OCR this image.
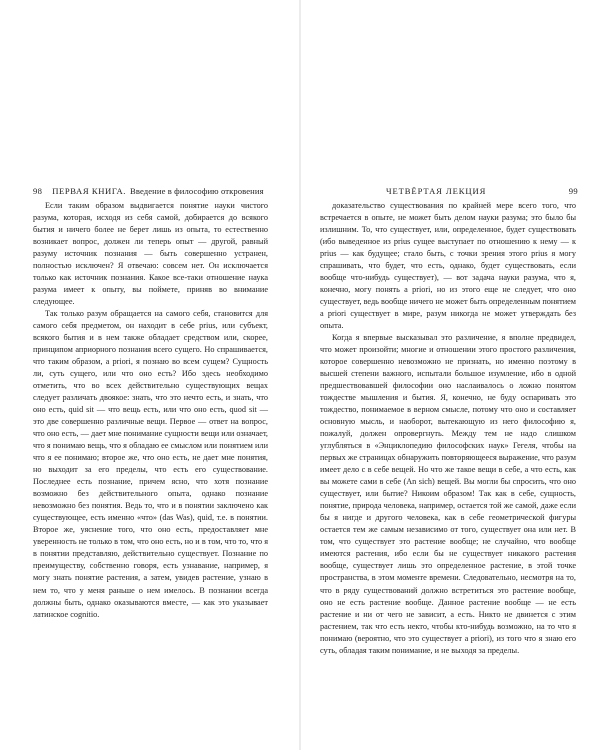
98 ПЕРВАЯ КНИГА. Введение в философию откровения

Если таким образом выдвигается понятие науки чистого разума, которая, исходя из себя самой, добирается до всякого бытия и ничего более не берет лишь из опыта, то естественно возникает вопрос, должен ли теперь опыт — другой, равный разуму источник познания — быть совершенно устранен, полностью исключен? Я отвечаю: совсем нет. Он исключается только как источник познания. Какое все-таки отношение наука разума имеет к опыту, вы поймете, приняв во внимание следующее.

Так только разум обращается на самого себя, становится для самого себя предметом, он находит в себе prius, или субъект, всякого бытия и в нем также обладает средством или, скорее, принципом априорного познания всего сущего. Но спрашивается, что таким образом, а priori, я познаю во всем сущем? Сущность ли, суть сущего, или что оно есть? Ибо здесь необходимо отметить, что во всех действительно существующих вещах следует различать двоякое: знать, что это нечто есть, и знать, что оно есть, quid sit — что вещь есть, или что оно есть, quod sit — это две совершенно различные вещи. Первое — ответ на вопрос, что оно есть, — дает мне понимание сущности вещи или означает, что я понимаю вещь, что я обладаю ее смыслом или понятием или что я ее понимаю; второе же, что оно есть, не дает мне понятия, но выходит за его пределы, что есть его существование. Последнее есть познание, причем ясно, что хотя познание возможно без действительного опыта, однако познание невозможно без понятия. Ведь то, что и в понятии заключено как существующее, есть именно «что» (das Was), quid, т.е. в понятии. Второе же, уяснение того, что оно есть, предоставляет мне уверенность не только в том, что оно есть, но и в том, что то, что я в понятии представляю, действительно существует. Познание по преимуществу, собственно говоря, есть узнавание, например, я могу знать понятие растения, а затем, увидев растение, узнаю в нем то, что у меня раньше о нем имелось. В познании всегда должны быть, однако оказываются вместе, — как это указывает латинское cognitio.

ЧЕТВЁРТАЯ ЛЕКЦИЯ	99

доказательство существования по крайней мере всего того, что встречается в опыте, не может быть делом науки разума; это было бы излишним. То, что существует, или, определенное, будет существовать (ибо выведенное из prius сущее выступает по отношению к нему — к prius — как будущее; стало быть, с точки зрения этого prius я могу спрашивать, что будет, что есть, однако, будет существовать, если вообще что-нибудь существует), — вот задача науки разума, что я, конечно, могу понять а priori, но из этого еще не следует, что оно существует, ведь вообще ничего не может быть определенным понятием а priori существует в мире, разум никогда не может утверждать без опыта.

Когда я впервые высказывал это различение, я вполне предвидел, что может произойти; многие и отношении этого простого различения, которое совершенно невозможно не признать, но именно поэтому в высшей степени важного, испытали большое изумление, ибо в одной предшествовавшей философии оно наслаивалось о ложно понятом тождестве мышления и бытия. Я, конечно, не буду оспаривать это тождество, понимаемое в верном смысле, потому что оно и составляет основную мысль, и наоборот, вытекающую из него философию я, пожалуй, должен опровергнуть. Между тем не надо слишком углубляться в «Энциклопедию философских наук» Гегеля, чтобы на первых же страницах обнаружить повторяющееся выражение, что разум имеет дело с в себе вещей. Но что же такое вещи в себе, а что есть, как вы можете сами в себе (An sich) вещей. Вы могли бы спросить, что оно существует, или бытие? Никоим образом! Так как в себе, сущность, понятие, природа человека, например, остается той же самой, даже если бы я нигде и другого человека, как в себе геометрической фигуры остается тем же самым независимо от того, существует она или нет. В том, что существует это растение вообще; не случайно, что вообще имеются растения, ибо если бы не существует никакого растения вообще, существует лишь это определенное растение, в этой точке пространства, в этом моменте времени. Следовательно, несмотря на то, что в ряду существований должно встретиться это растение вообще, оно не есть растение вообще. Данное растение вообще — не есть растение и ни от чего не зависит, а есть. Никто не двинется с этим растением, так что есть некто, чтобы кто-нибудь возможно, на то что я понимаю (вероятно, что это существует а priori), из того что я знаю его суть, обладая таким понимание, и не выходя за пределы.
